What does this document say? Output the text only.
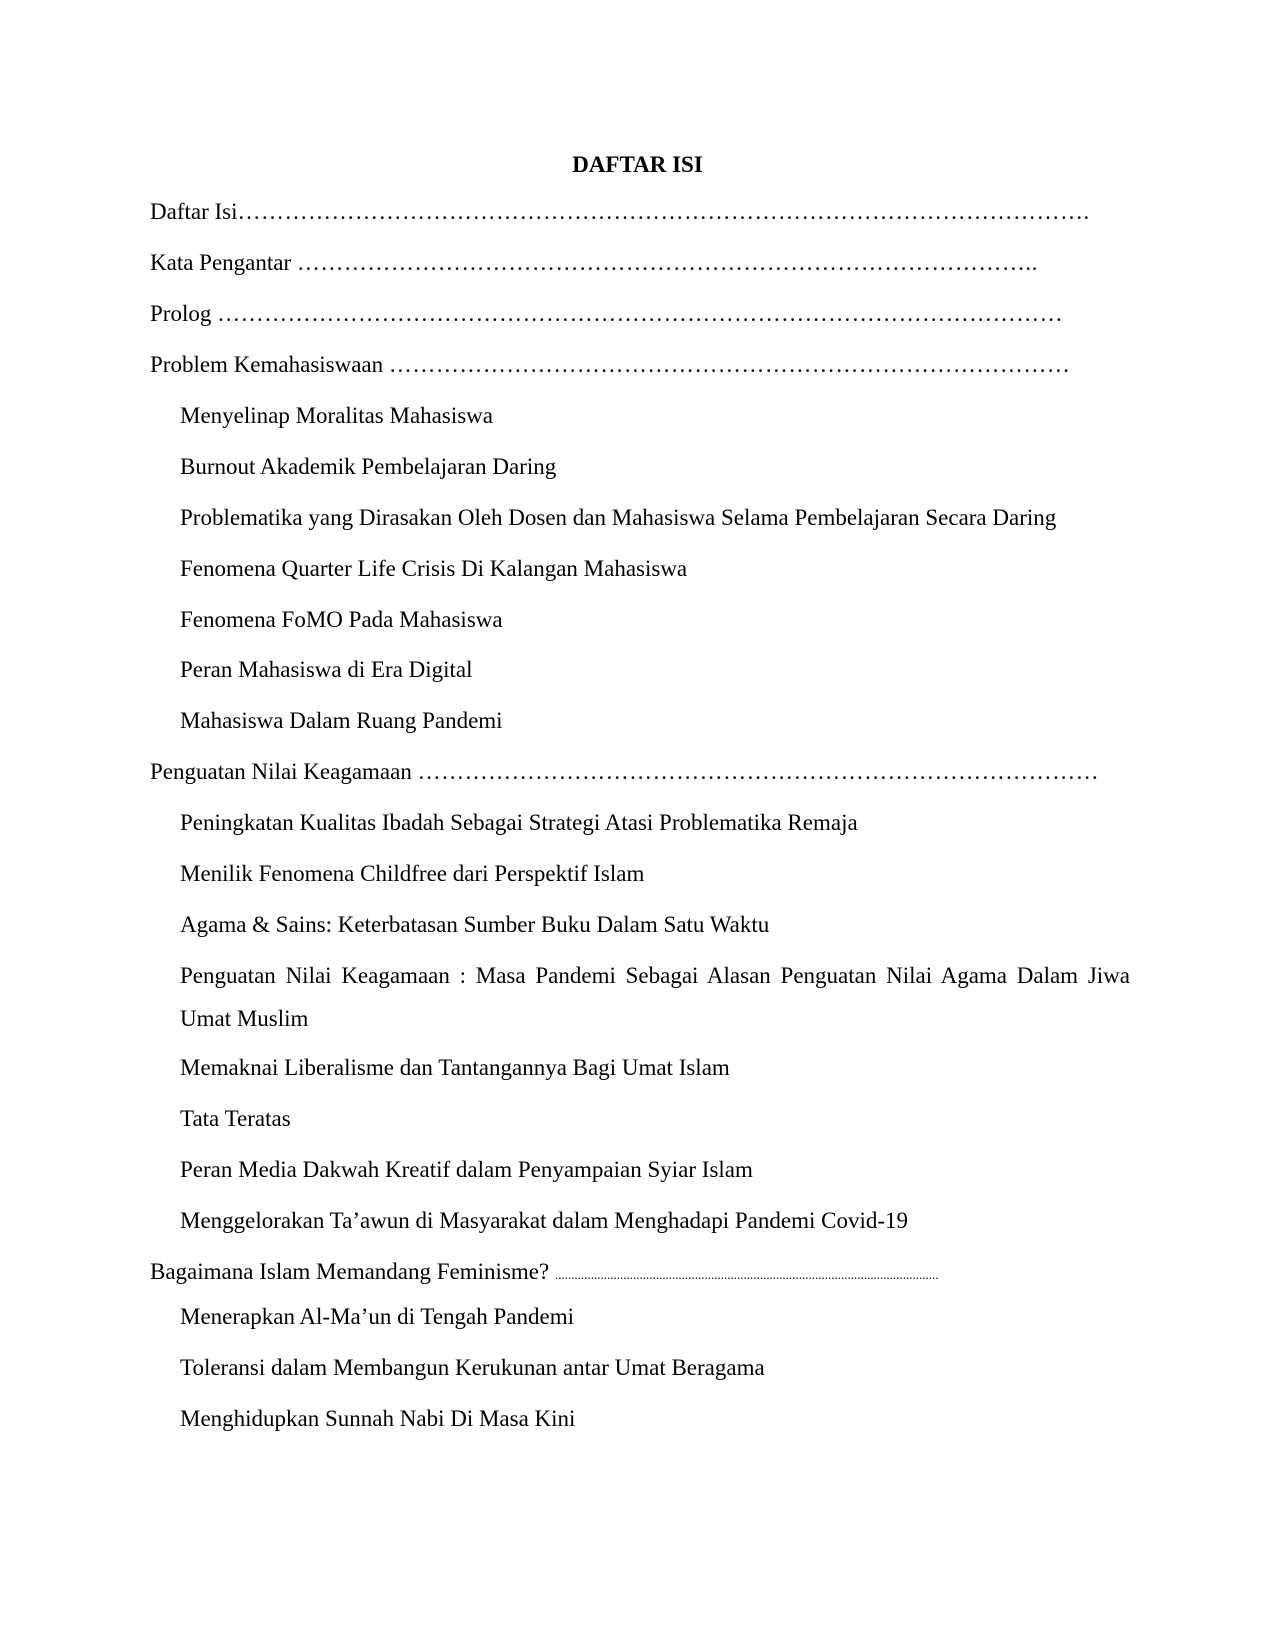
DAFTAR ISI
Daftar Isi……………………………………………………………………………………………….
Kata Pengantar …………………………………………………………………………………..
Prolog ………………………………………………………………………………………………
Problem Kemahasiswaan ……………………………………………………………………………
Menyelinap Moralitas Mahasiswa
Burnout Akademik Pembelajaran Daring
Problematika yang Dirasakan Oleh Dosen dan Mahasiswa Selama Pembelajaran Secara Daring
Fenomena Quarter Life Crisis Di Kalangan Mahasiswa
Fenomena FoMO Pada Mahasiswa
Peran Mahasiswa di Era Digital
Mahasiswa Dalam Ruang Pandemi
Penguatan Nilai Keagamaan ……………………………………………………………………………
Peningkatan Kualitas Ibadah Sebagai Strategi Atasi Problematika Remaja
Menilik Fenomena Childfree dari Perspektif Islam
Agama & Sains: Keterbatasan Sumber Buku Dalam Satu Waktu
Penguatan Nilai Keagamaan : Masa Pandemi Sebagai Alasan Penguatan Nilai Agama Dalam Jiwa Umat Muslim
Memaknai Liberalisme dan Tantangannya Bagi Umat Islam
Tata Teratas
Peran Media Dakwah Kreatif dalam Penyampaian Syiar Islam
Menggelorakan Ta’awun di Masyarakat dalam Menghadapi Pandemi Covid-19
Bagaimana Islam Memandang Feminisme? ......................................................................................................................
Menerapkan Al-Ma’un di Tengah Pandemi
Toleransi dalam Membangun Kerukunan antar Umat Beragama
Menghidupkan Sunnah Nabi Di Masa Kini
